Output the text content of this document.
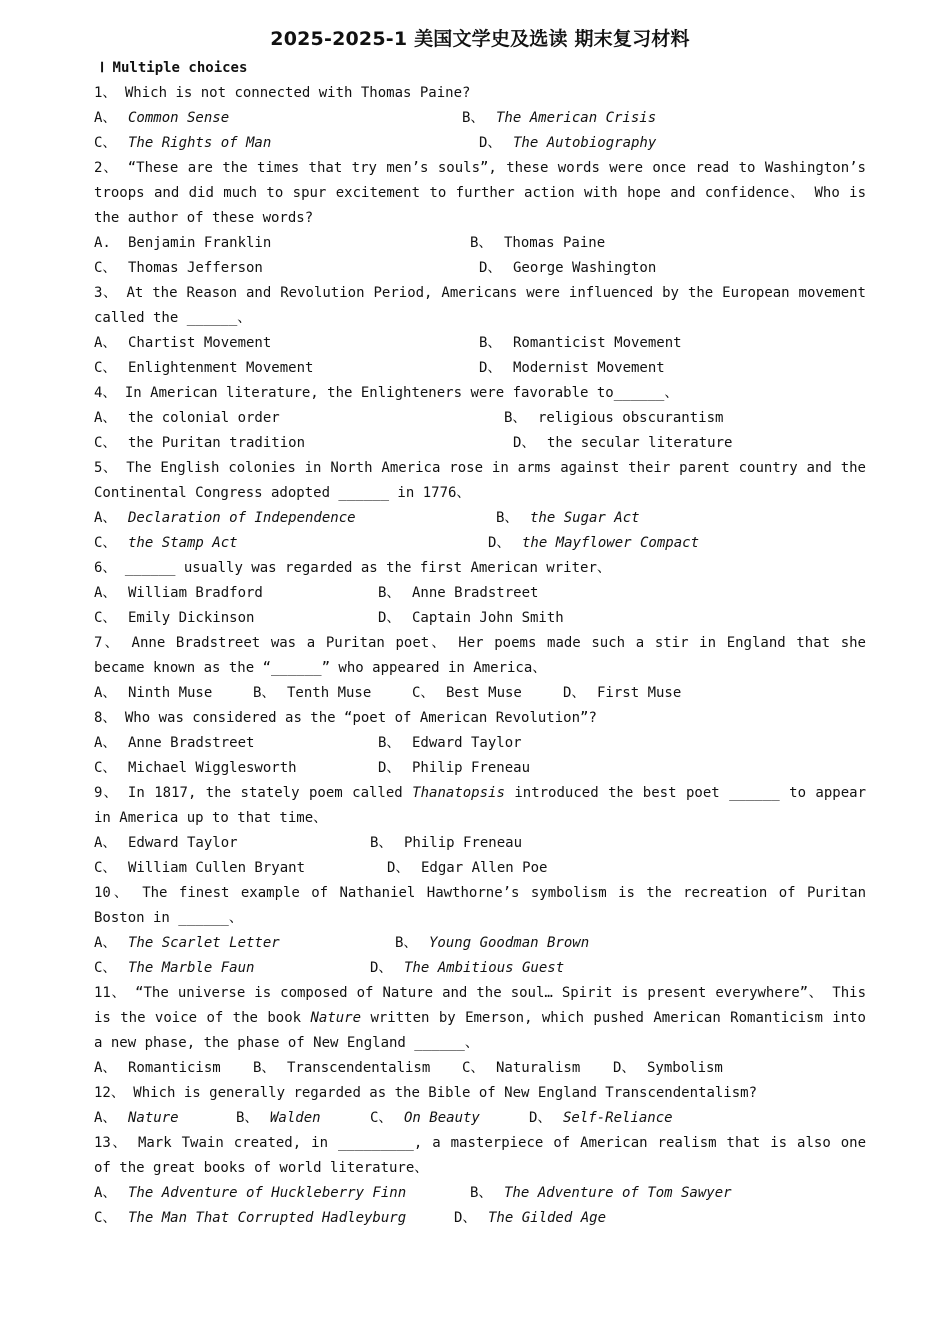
2025-2025-1 美国文学史及选读 期末复习材料
Ⅰ Multiple choices
1、 Which is not connected with Thomas Paine?
A、 Common Sense	B、 The American Crisis
C、 The Rights of Man	D、 The Autobiography
2、 “These are the times that try men’s souls”, these words were once read to Washington’s troops and did much to spur excitement to further action with hope and confidence、 Who is the author of these words?
A.	Benjamin Franklin	B、 Thomas Paine
C、 Thomas Jefferson	D、 George Washington
3、 At the Reason and Revolution Period, Americans were influenced by the European movement called the ______、
A、 Chartist Movement	B、 Romanticist Movement
C、 Enlightenment Movement	D、 Modernist Movement
4、 In American literature, the Enlighteners were favorable to______、
A、 the colonial order	B、 religious obscurantism
C、 the Puritan tradition	D、 the secular literature
5、 The English colonies in North America rose in arms against their parent country and the Continental Congress adopted ______ in 1776、
A、 Declaration of Independence	B、 the Sugar Act
C、 the Stamp Act	D、 the Mayflower Compact
6、 ______ usually was regarded as the first American writer、
A、 William Bradford	B、 Anne Bradstreet
C、 Emily Dickinson	D、 Captain John Smith
7、 Anne Bradstreet was a Puritan poet、 Her poems made such a stir in England that she became known as the “______” who appeared in America、
A、 Ninth Muse	B、 Tenth Muse	C、 Best Muse	D、 First Muse
8、 Who was considered as the “poet of American Revolution”?
A、 Anne Bradstreet	B、 Edward Taylor
C、 Michael Wigglesworth	D、 Philip Freneau
9、 In 1817, the stately poem called Thanatopsis introduced the best poet ______ to appear in America up to that time、
A、 Edward Taylor	B、 Philip Freneau
C、 William Cullen Bryant	D、 Edgar Allen Poe
10、 The finest example of Nathaniel Hawthorne’s symbolism is the recreation of Puritan Boston in ______、
A、 The Scarlet Letter	B、 Young Goodman Brown
C、 The Marble Faun	D、 The Ambitious Guest
11、 “The universe is composed of Nature and the soul… Spirit is present everywhere”、 This is the voice of the book Nature written by Emerson, which pushed American Romanticism into a new phase, the phase of New England ______、
A、 Romanticism B、 Transcendentalism C、 Naturalism D、 Symbolism
12、 Which is generally regarded as the Bible of New England Transcendentalism?
A、 Nature	B、 Walden	C、 On Beauty	D、 Self-Reliance
13、 Mark Twain created, in _________, a masterpiece of American realism that is also one of the great books of world literature、
A、 The Adventure of Huckleberry Finn	B、 The Adventure of Tom Sawyer
C、 The Man That Corrupted Hadleyburg	D、 The Gilded Age
